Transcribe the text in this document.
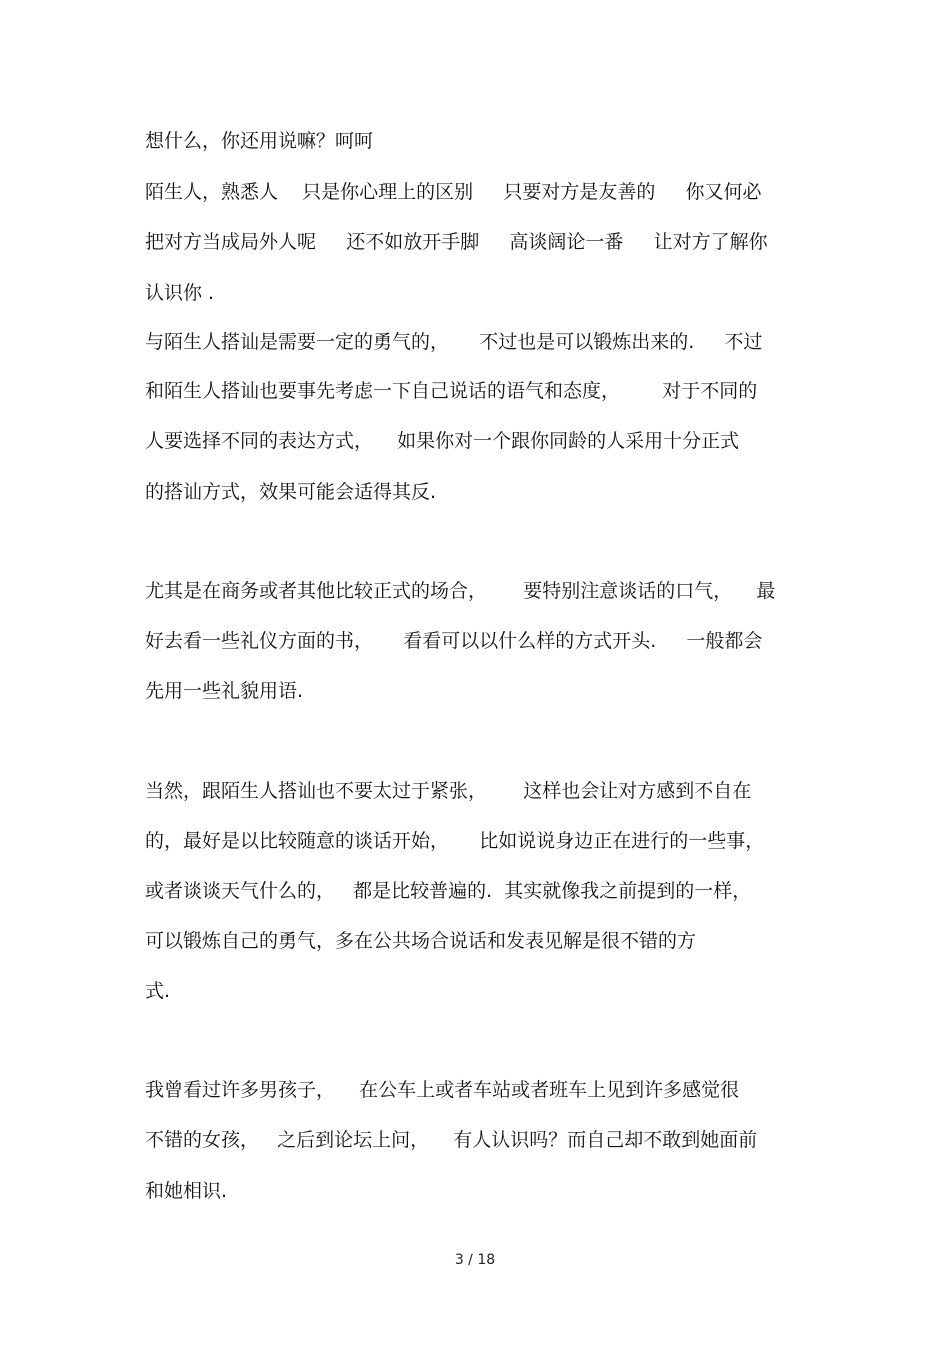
想什么，你还用说嘛？呵呵
陌生人，熟悉人    只是你心理上的区别     只要对方是友善的     你又何必
把对方当成局外人呢     还不如放开手脚     高谈阔论一番     让对方了解你
认识你 .
与陌生人搭讪是需要一定的勇气的，     不过也是可以锻炼出来的.     不过
和陌生人搭讪也要事先考虑一下自己说话的语气和态度，       对于不同的
人要选择不同的表达方式，    如果你对一个跟你同龄的人采用十分正式
的搭讪方式，效果可能会适得其反.
尤其是在商务或者其他比较正式的场合，      要特别注意谈话的口气，    最
好去看一些礼仪方面的书，     看看可以以什么样的方式开头.     一般都会
先用一些礼貌用语.
当然，跟陌生人搭讪也不要太过于紧张，      这样也会让对方感到不自在
的，最好是以比较随意的谈话开始，     比如说说身边正在进行的一些事，
或者谈谈天气什么的，   都是比较普遍的.  其实就像我之前提到的一样，
可以锻炼自己的勇气，多在公共场合说话和发表见解是很不错的方
式.
我曾看过许多男孩子，    在公车上或者车站或者班车上见到许多感觉很
不错的女孩，   之后到论坛上问，    有人认识吗？而自己却不敢到她面前
和她相识.
3 / 18
